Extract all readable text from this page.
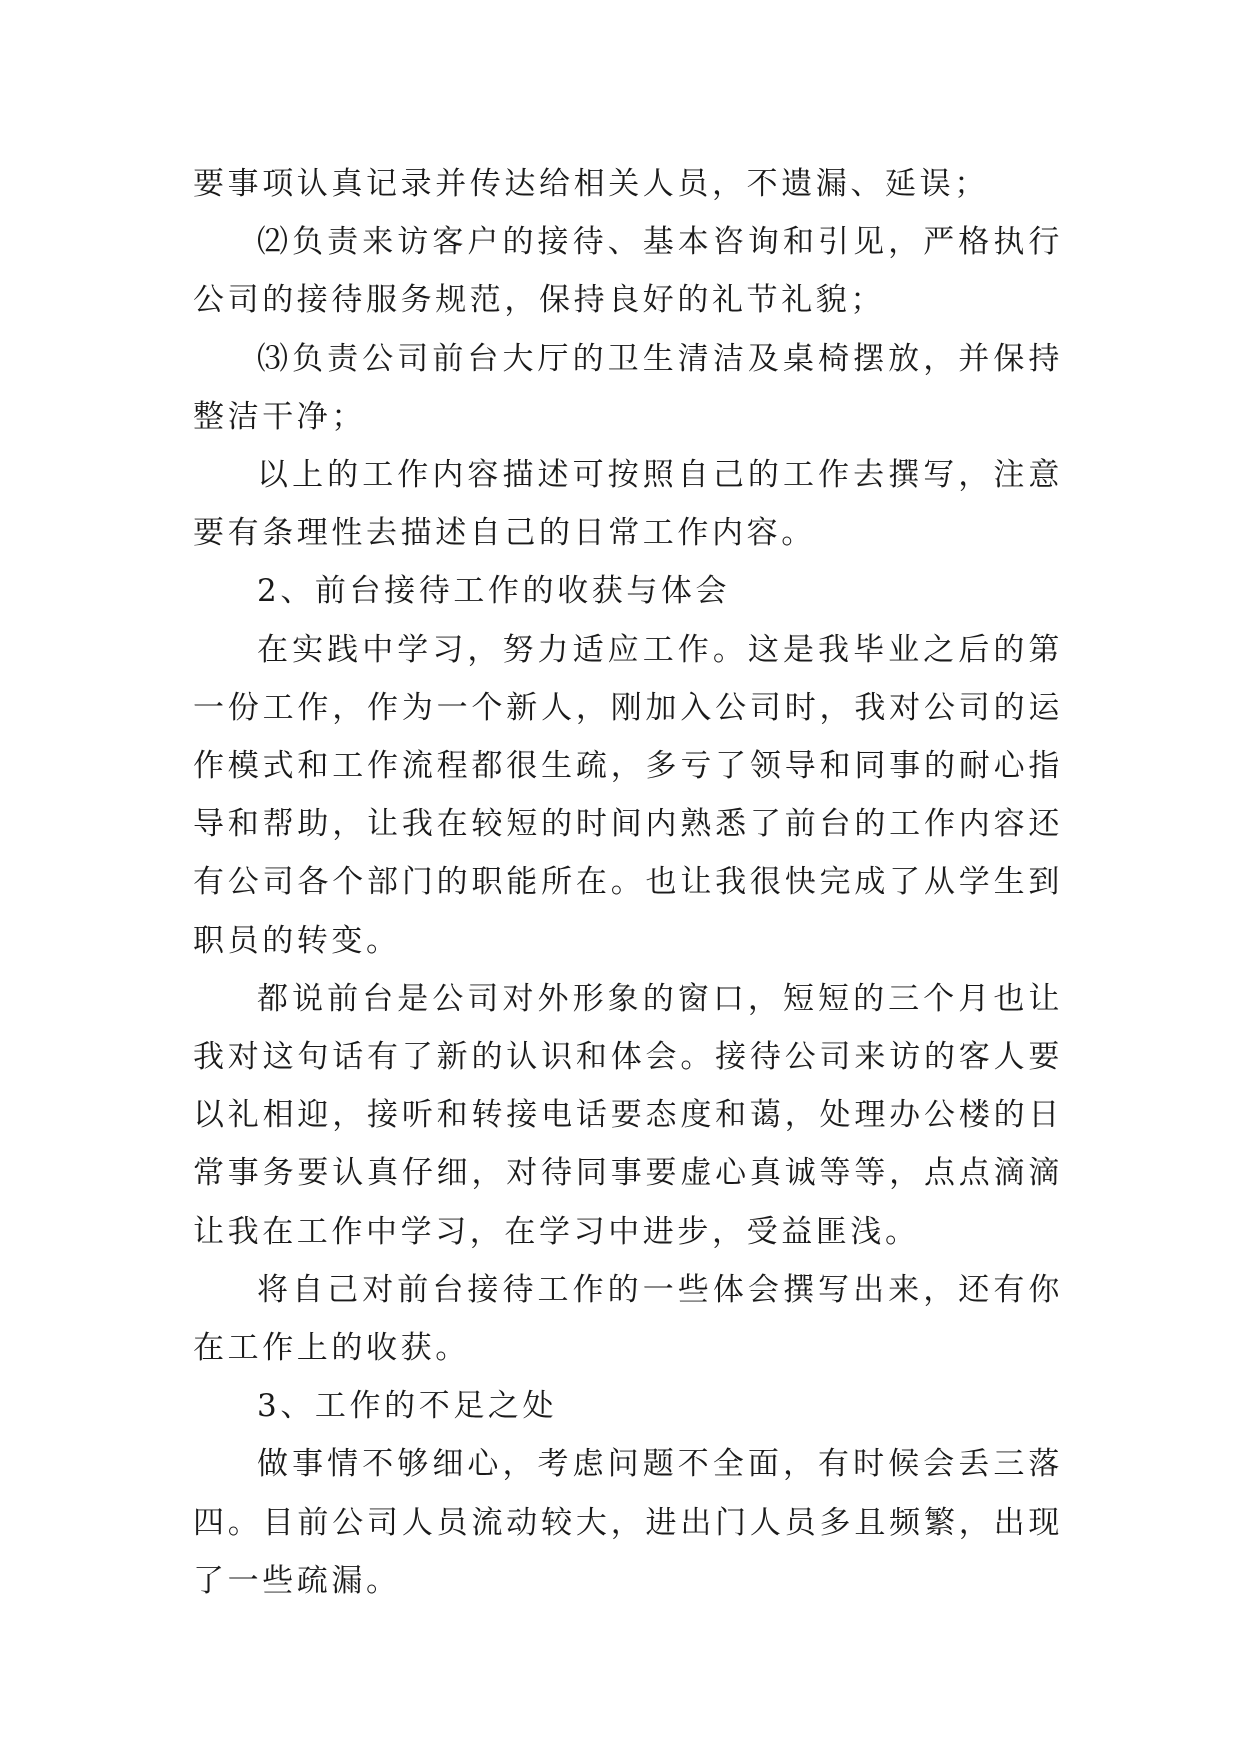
要事项认真记录并传达给相关人员，不遗漏、延误；

⑵负责来访客户的接待、基本咨询和引见，严格执行公司的接待服务规范，保持良好的礼节礼貌；

⑶负责公司前台大厅的卫生清洁及桌椅摆放，并保持整洁干净；

以上的工作内容描述可按照自己的工作去撰写，注意要有条理性去描述自己的日常工作内容。

2、前台接待工作的收获与体会

在实践中学习，努力适应工作。这是我毕业之后的第一份工作，作为一个新人，刚加入公司时，我对公司的运作模式和工作流程都很生疏，多亏了领导和同事的耐心指导和帮助，让我在较短的时间内熟悉了前台的工作内容还有公司各个部门的职能所在。也让我很快完成了从学生到职员的转变。

都说前台是公司对外形象的窗口，短短的三个月也让我对这句话有了新的认识和体会。接待公司来访的客人要以礼相迎，接听和转接电话要态度和蔼，处理办公楼的日常事务要认真仔细，对待同事要虚心真诚等等，点点滴滴让我在工作中学习，在学习中进步，受益匪浅。

将自己对前台接待工作的一些体会撰写出来，还有你在工作上的收获。

3、工作的不足之处

做事情不够细心，考虑问题不全面，有时候会丢三落四。目前公司人员流动较大，进出门人员多且频繁，出现了一些疏漏。
